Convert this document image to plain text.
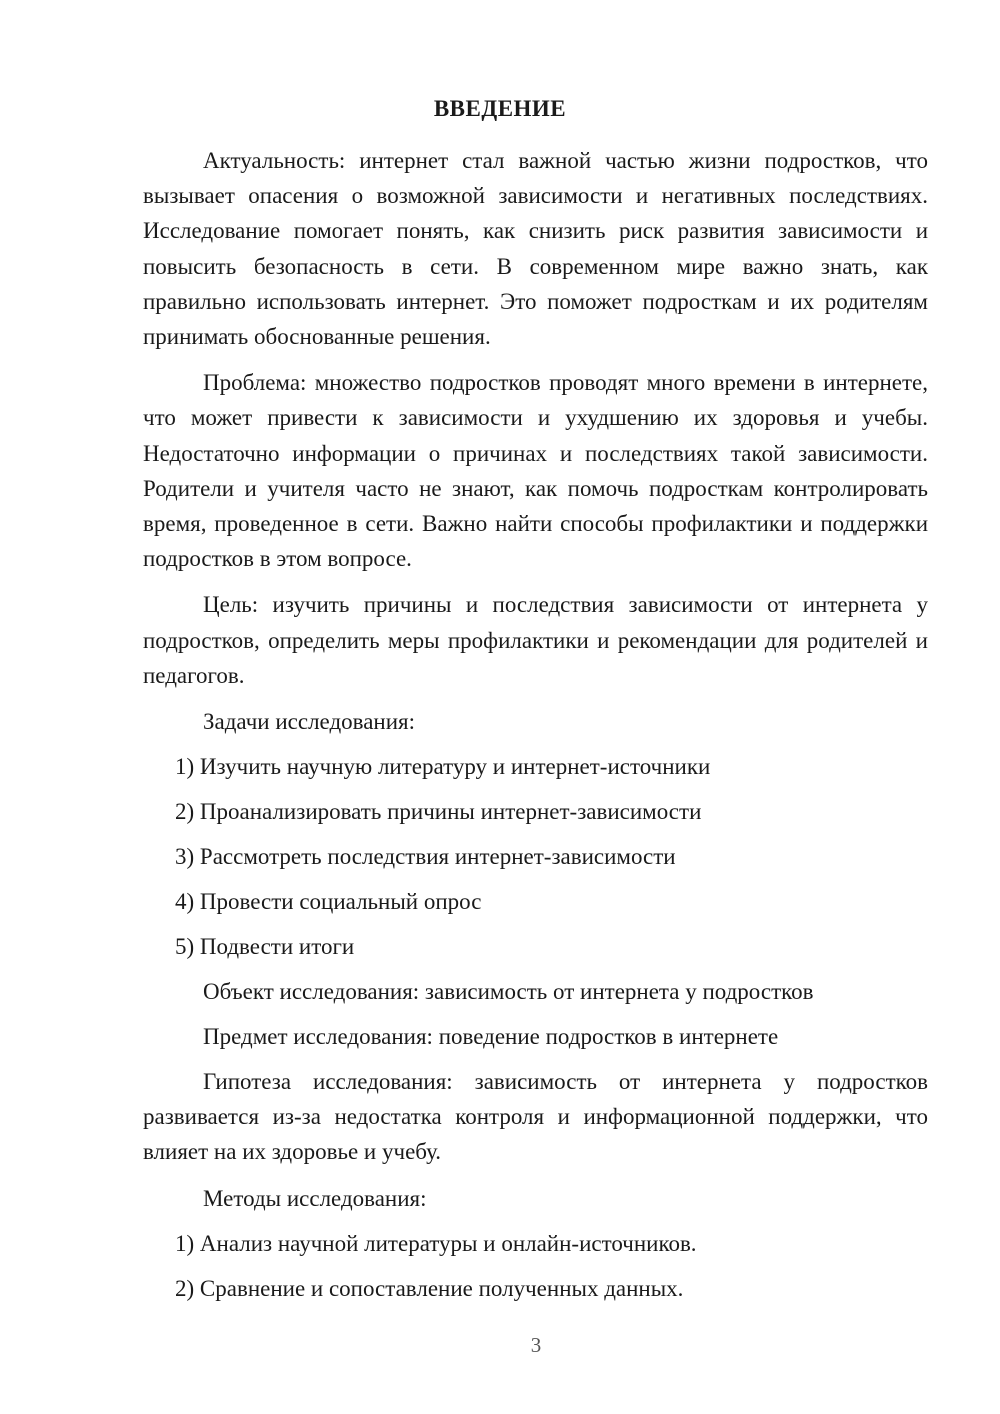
ВВЕДЕНИЕ

Актуальность: интернет стал важной частью жизни подростков, что вызывает опасения о возможной зависимости и негативных последствиях. Исследование помогает понять, как снизить риск развития зависимости и повысить безопасность в сети. В современном мире важно знать, как правильно использовать интернет. Это поможет подросткам и их родителям принимать обоснованные решения.

Проблема: множество подростков проводят много времени в интернете, что может привести к зависимости и ухудшению их здоровья и учебы. Недостаточно информации о причинах и последствиях такой зависимости. Родители и учителя часто не знают, как помочь подросткам контролировать время, проведенное в сети. Важно найти способы профилактики и поддержки подростков в этом вопросе.

Цель: изучить причины и последствия зависимости от интернета у подростков, определить меры профилактики и рекомендации для родителей и педагогов.

Задачи исследования:

1) Изучить научную литературу и интернет-источники
2) Проанализировать причины интернет-зависимости
3) Рассмотреть последствия интернет-зависимости
4) Провести социальный опрос
5) Подвести итоги

Объект исследования: зависимость от интернета у подростков

Предмет исследования: поведение подростков в интернете

Гипотеза исследования: зависимость от интернета у подростков развивается из-за недостатка контроля и информационной поддержки, что влияет на их здоровье и учебу.

Методы исследования:

1) Анализ научной литературы и онлайн-источников.
2) Сравнение и сопоставление полученных данных.
3
